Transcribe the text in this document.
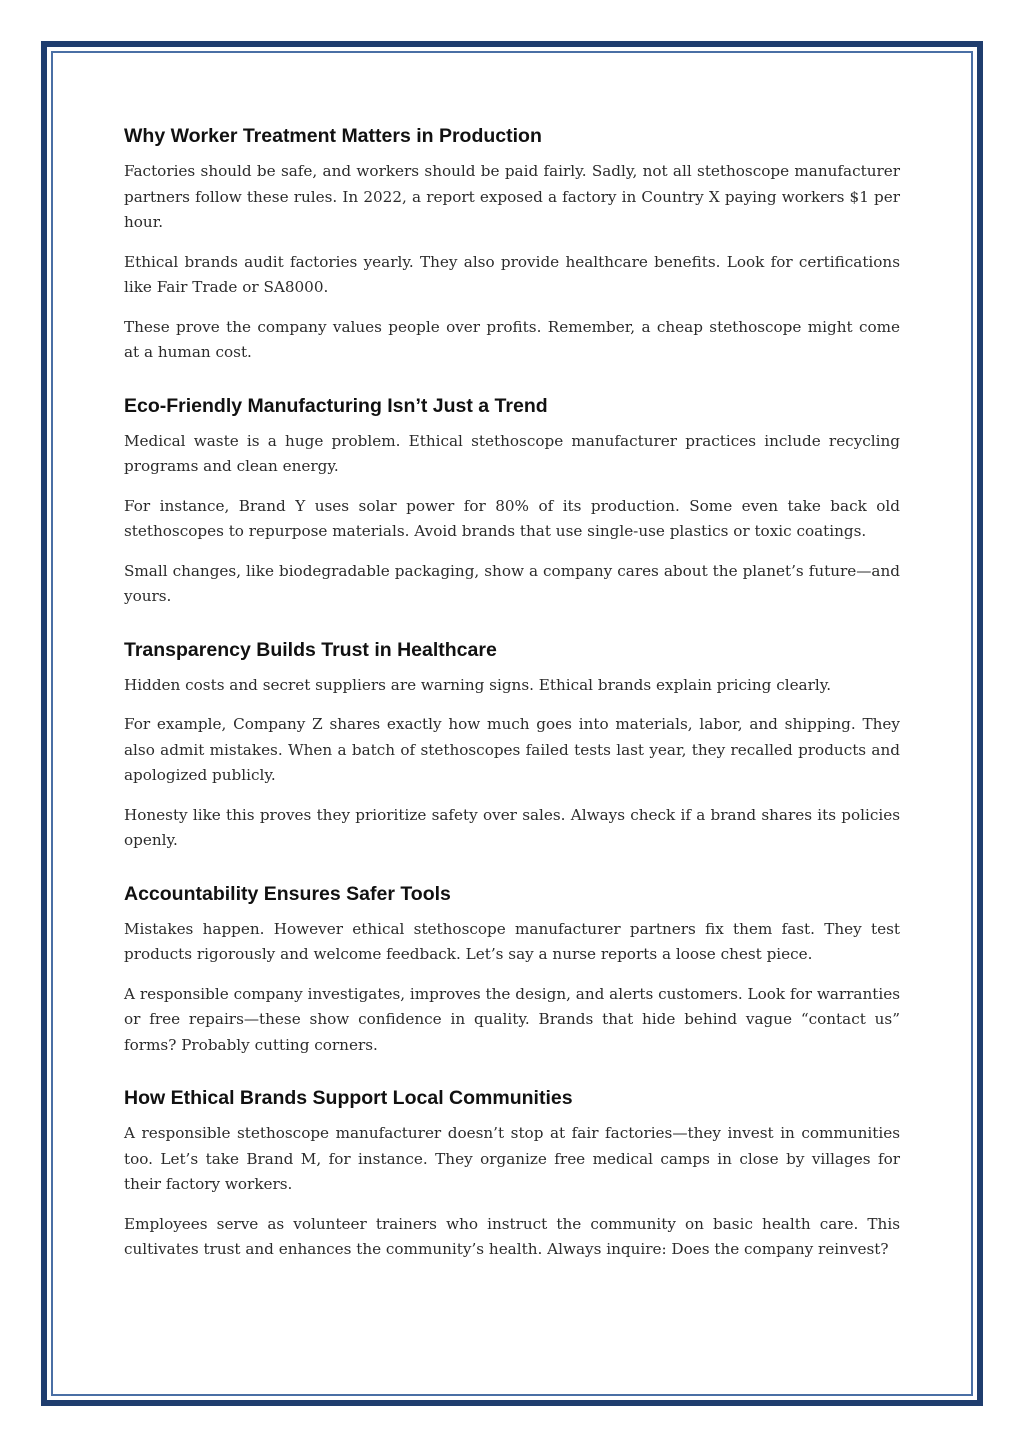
Why Worker Treatment Matters in Production

Factories should be safe, and workers should be paid fairly. Sadly, not all stethoscope manufacturer partners follow these rules. In 2022, a report exposed a factory in Country X paying workers $1 per hour.

Ethical brands audit factories yearly. They also provide healthcare benefits. Look for certifications like Fair Trade or SA8000.

These prove the company values people over profits. Remember, a cheap stethoscope might come at a human cost.

Eco-Friendly Manufacturing Isn’t Just a Trend

Medical waste is a huge problem. Ethical stethoscope manufacturer practices include recycling programs and clean energy.

For instance, Brand Y uses solar power for 80% of its production. Some even take back old stethoscopes to repurpose materials. Avoid brands that use single-use plastics or toxic coatings.

Small changes, like biodegradable packaging, show a company cares about the planet’s future—and yours.

Transparency Builds Trust in Healthcare

Hidden costs and secret suppliers are warning signs. Ethical brands explain pricing clearly.

For example, Company Z shares exactly how much goes into materials, labor, and shipping. They also admit mistakes. When a batch of stethoscopes failed tests last year, they recalled products and apologized publicly.

Honesty like this proves they prioritize safety over sales. Always check if a brand shares its policies openly.

Accountability Ensures Safer Tools

Mistakes happen. However ethical stethoscope manufacturer partners fix them fast. They test products rigorously and welcome feedback. Let’s say a nurse reports a loose chest piece.

A responsible company investigates, improves the design, and alerts customers. Look for warranties or free repairs—these show confidence in quality. Brands that hide behind vague “contact us” forms? Probably cutting corners.

How Ethical Brands Support Local Communities

A responsible stethoscope manufacturer doesn’t stop at fair factories—they invest in communities too. Let’s take Brand M, for instance. They organize free medical camps in close by villages for their factory workers.

Employees serve as volunteer trainers who instruct the community on basic health care. This cultivates trust and enhances the community’s health. Always inquire: Does the company reinvest?
